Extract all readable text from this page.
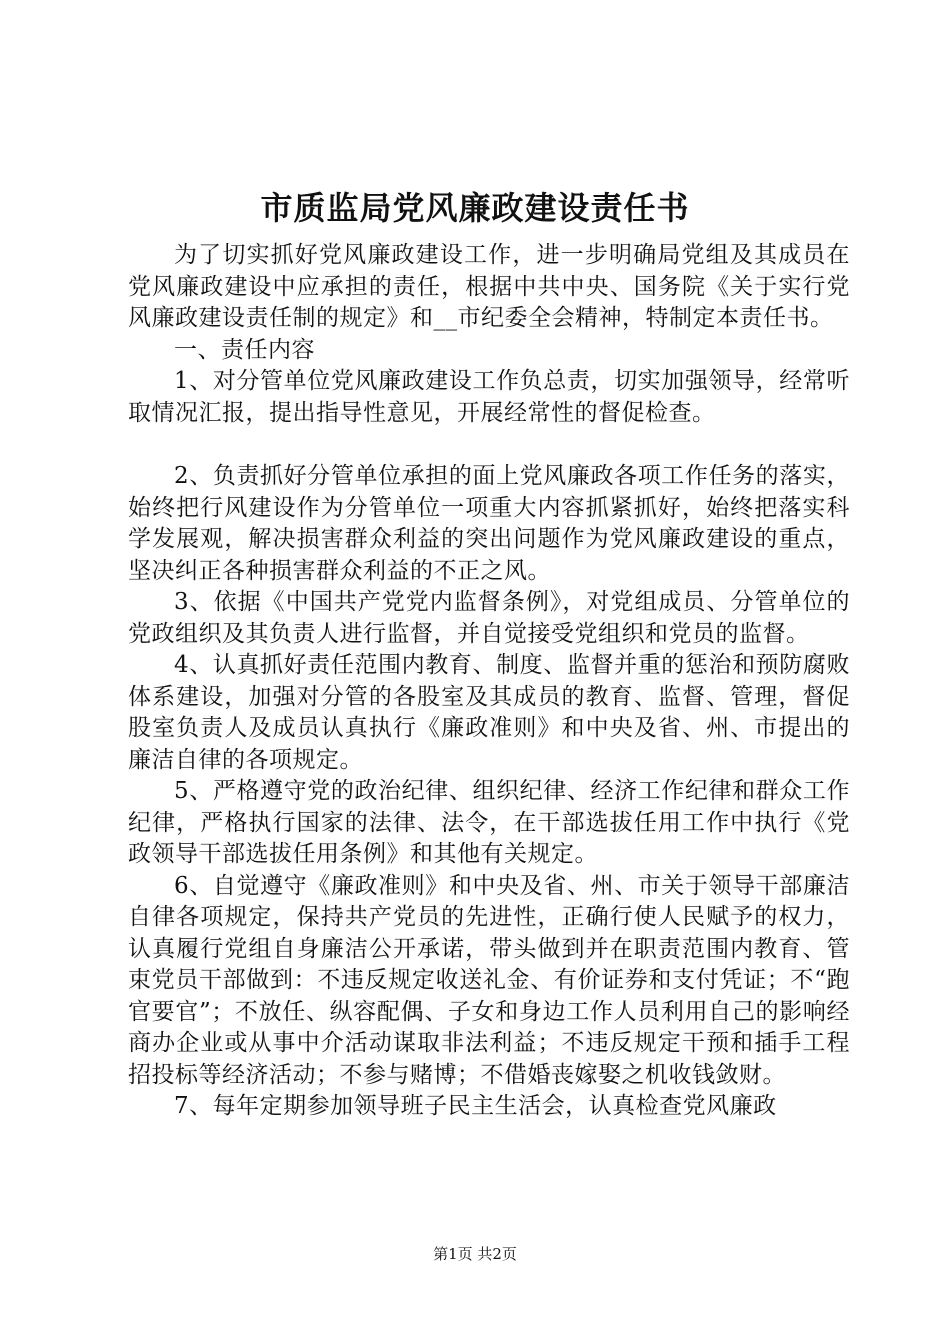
市质监局党风廉政建设责任书

为了切实抓好党风廉政建设工作，进一步明确局党组及其成员在党风廉政建设中应承担的责任，根据中共中央、国务院《关于实行党风廉政建设责任制的规定》和__市纪委全会精神，特制定本责任书。

一、责任内容

1、对分管单位党风廉政建设工作负总责，切实加强领导，经常听取情况汇报，提出指导性意见，开展经常性的督促检查。

2、负责抓好分管单位承担的面上党风廉政各项工作任务的落实，始终把行风建设作为分管单位一项重大内容抓紧抓好，始终把落实科学发展观，解决损害群众利益的突出问题作为党风廉政建设的重点，坚决纠正各种损害群众利益的不正之风。

3、依据《中国共产党党内监督条例》，对党组成员、分管单位的党政组织及其负责人进行监督，并自觉接受党组织和党员的监督。

4、认真抓好责任范围内教育、制度、监督并重的惩治和预防腐败体系建设，加强对分管的各股室及其成员的教育、监督、管理，督促股室负责人及成员认真执行《廉政准则》和中央及省、州、市提出的廉洁自律的各项规定。

5、严格遵守党的政治纪律、组织纪律、经济工作纪律和群众工作纪律，严格执行国家的法律、法令，在干部选拔任用工作中执行《党政领导干部选拔任用条例》和其他有关规定。

6、自觉遵守《廉政准则》和中央及省、州、市关于领导干部廉洁自律各项规定，保持共产党员的先进性，正确行使人民赋予的权力，认真履行党组自身廉洁公开承诺，带头做到并在职责范围内教育、管束党员干部做到：不违反规定收送礼金、有价证券和支付凭证；不“跑官要官”；不放任、纵容配偶、子女和身边工作人员利用自己的影响经商办企业或从事中介活动谋取非法利益；不违反规定干预和插手工程招投标等经济活动；不参与赌博；不借婚丧嫁娶之机收钱敛财。

7、每年定期参加领导班子民主生活会，认真检查党风廉政

第1页 共2页
